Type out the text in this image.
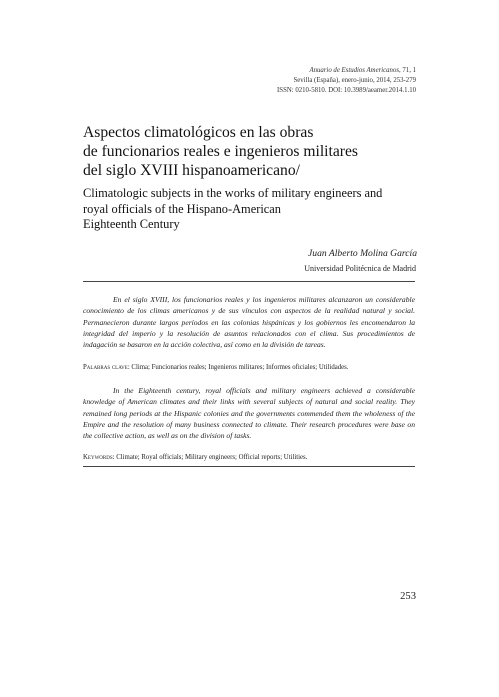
Anuario de Estudios Americanos, 71, 1
Sevilla (España), enero-junio, 2014, 253-279
ISSN: 0210-5810. DOI: 10.3989/aeamer.2014.1.10
Aspectos climatológicos en las obras
de funcionarios reales e ingenieros militares
del siglo XVIII hispanoamericano/
Climatologic subjects in the works of military engineers and
royal officials of the Hispano-American
Eighteenth Century
Juan Alberto Molina García
Universidad Politécnica de Madrid

En el siglo XVIII, los funcionarios reales y los ingenieros militares alcanzaron un considerable conocimiento de los climas americanos y de sus vínculos con aspectos de la realidad natural y social. Permanecieron durante largos períodos en las colonias hispánicas y los gobiernos les encomendaron la integridad del imperio y la resolución de asuntos relacionados con el clima. Sus procedimientos de indagación se basaron en la acción colectiva, así como en la división de tareas.

Palabras clave: Clima; Funcionarios reales; Ingenieros militares; Informes oficiales; Utilidades.

In the Eighteenth century, royal officials and military engineers achieved a considerable knowledge of American climates and their links with several subjects of natural and social reality. They remained long periods at the Hispanic colonies and the governments commended them the wholeness of the Empire and the resolution of many business connected to climate. Their research procedures were base on the collective action, as well as on the division of tasks.

Keywords: Climate; Royal officials; Military engineers; Official reports; Utilities.

253
